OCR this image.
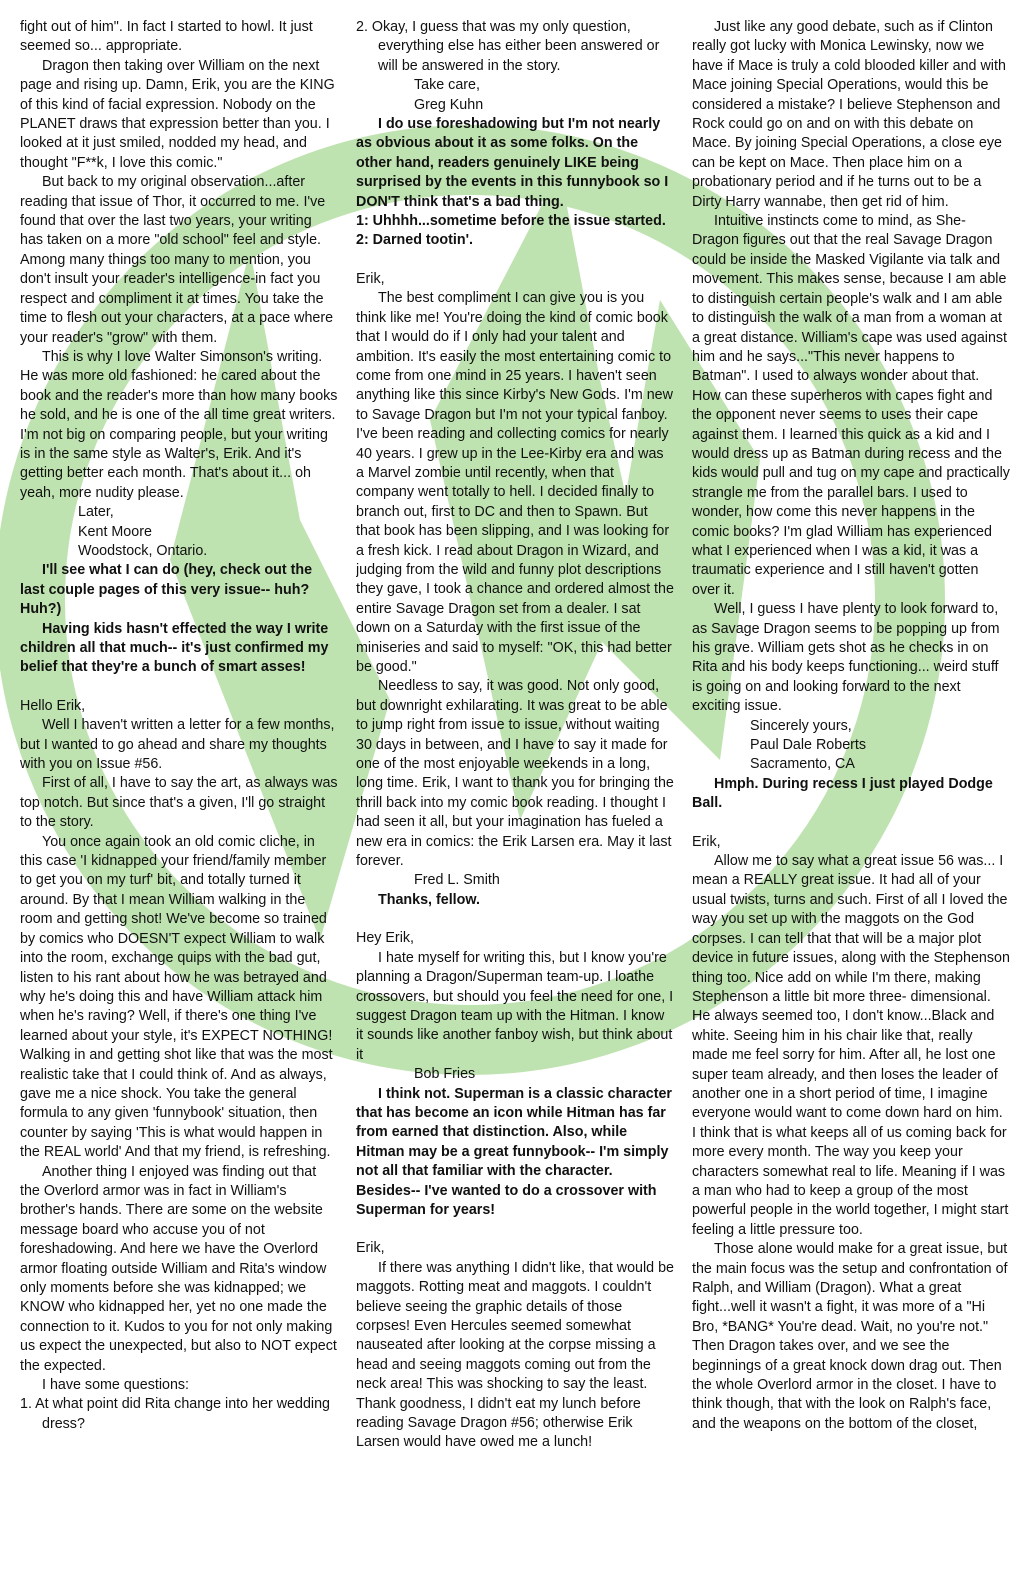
fight out of him". In fact I started to howl. It just seemed so... appropriate.

Dragon then taking over William on the next page and rising up. Damn, Erik, you are the KING of this kind of facial expression. Nobody on the PLANET draws that expression better than you. I looked at it just smiled, nodded my head, and thought "F**k, I love this comic."

But back to my original observation...after reading that issue of Thor, it occurred to me. I've found that over the last two years, your writing has taken on a more "old school" feel and style. Among many things too many to mention, you don't insult your reader's intelligence-in fact you respect and compliment it at times. You take the time to flesh out your characters, at a pace where your reader's "grow" with them.

This is why I love Walter Simonson's writing. He was more old fashioned: he cared about the book and the reader's more than how many books he sold, and he is one of the all time great writers. I'm not big on comparing people, but your writing is in the same style as Walter's, Erik. And it's getting better each month. That's about it... oh yeah, more nudity please.

Later,

Kent Moore

Woodstock, Ontario.

I'll see what I can do (hey, check out the last couple pages of this very issue-- huh? Huh?)

Having kids hasn't effected the way I write children all that much-- it's just confirmed my belief that they're a bunch of smart asses!

Hello Erik,

Well I haven't written a letter for a few months, but I wanted to go ahead and share my thoughts with you on Issue #56.

First of all, I have to say the art, as always was top notch. But since that's a given, I'll go straight to the story.

You once again took an old comic cliche, in this case 'I kidnapped your friend/family member to get you on my turf' bit, and totally turned it around. By that I mean William walking in the room and getting shot! We've become so trained by comics who DOESN'T expect William to walk into the room, exchange quips with the bad gut, listen to his rant about how he was betrayed and why he's doing this and have William attack him when he's raving? Well, if there's one thing I've learned about your style, it's EXPECT NOTHING! Walking in and getting shot like that was the most realistic take that I could think of. And as always, gave me a nice shock. You take the general formula to any given 'funnybook' situation, then counter by saying 'This is what would happen in the REAL world' And that my friend, is refreshing.

Another thing I enjoyed was finding out that the Overlord armor was in fact in William's brother's hands. There are some on the website message board who accuse you of not foreshadowing. And here we have the Overlord armor floating outside William and Rita's window only moments before she was kidnapped; we KNOW who kidnapped her, yet no one made the connection to it. Kudos to you for not only making us expect the unexpected, but also to NOT expect the expected.

I have some questions:

1. At what point did Rita change into her wedding dress?

2. Okay, I guess that was my only question, everything else has either been answered or will be answered in the story.

Take care,

Greg Kuhn

I do use foreshadowing but I'm not nearly as obvious about it as some folks. On the other hand, readers genuinely LIKE being surprised by the events in this funnybook so I DON'T think that's a bad thing.

1: Uhhhh...sometime before the issue started.

2: Darned tootin'.

Erik,

The best compliment I can give you is you think like me! You're doing the kind of comic book that I would do if I only had your talent and ambition. It's easily the most entertaining comic to come from one mind in 25 years. I haven't seen anything like this since Kirby's New Gods. I'm new to Savage Dragon but I'm not your typical fanboy. I've been reading and collecting comics for nearly 40 years. I grew up in the Lee-Kirby era and was a Marvel zombie until recently, when that company went totally to hell. I decided finally to branch out, first to DC and then to Spawn. But that book has been slipping, and I was looking for a fresh kick. I read about Dragon in Wizard, and judging from the wild and funny plot descriptions they gave, I took a chance and ordered almost the entire Savage Dragon set from a dealer. I sat down on a Saturday with the first issue of the miniseries and said to myself: "OK, this had better be good."

Needless to say, it was good. Not only good, but downright exhilarating. It was great to be able to jump right from issue to issue, without waiting 30 days in between, and I have to say it made for one of the most enjoyable weekends in a long, long time. Erik, I want to thank you for bringing the thrill back into my comic book reading. I thought I had seen it all, but your imagination has fueled a new era in comics: the Erik Larsen era. May it last forever.

Fred L. Smith

Thanks, fellow.

Hey Erik,

I hate myself for writing this, but I know you're planning a Dragon/Superman team-up. I loathe crossovers, but should you feel the need for one, I suggest Dragon team up with the Hitman. I know it sounds like another fanboy wish, but think about it

Bob Fries

I think not. Superman is a classic character that has become an icon while Hitman has far from earned that distinction. Also, while Hitman may be a great funnybook-- I'm simply not all that familiar with the character. Besides-- I've wanted to do a crossover with Superman for years!

Erik,

If there was anything I didn't like, that would be maggots. Rotting meat and maggots. I couldn't believe seeing the graphic details of those corpses! Even Hercules seemed somewhat nauseated after looking at the corpse missing a head and seeing maggots coming out from the neck area! This was shocking to say the least. Thank goodness, I didn't eat my lunch before reading Savage Dragon #56; otherwise Erik Larsen would have owed me a lunch!

Just like any good debate, such as if Clinton really got lucky with Monica Lewinsky, now we have if Mace is truly a cold blooded killer and with Mace joining Special Operations, would this be considered a mistake? I believe Stephenson and Rock could go on and on with this debate on Mace. By joining Special Operations, a close eye can be kept on Mace. Then place him on a probationary period and if he turns out to be a Dirty Harry wannabe, then get rid of him.

Intuitive instincts come to mind, as She-Dragon figures out that the real Savage Dragon could be inside the Masked Vigilante via talk and movement. This makes sense, because I am able to distinguish certain people's walk and I am able to distinguish the walk of a man from a woman at a great distance. William's cape was used against him and he says..."This never happens to Batman". I used to always wonder about that. How can these superheros with capes fight and the opponent never seems to uses their cape against them. I learned this quick as a kid and I would dress up as Batman during recess and the kids would pull and tug on my cape and practically strangle me from the parallel bars. I used to wonder, how come this never happens in the comic books? I'm glad William has experienced what I experienced when I was a kid, it was a traumatic experience and I still haven't gotten over it.

Well, I guess I have plenty to look forward to, as Savage Dragon seems to be popping up from his grave. William gets shot as he checks in on Rita and his body keeps functioning... weird stuff is going on and looking forward to the next exciting issue.

Sincerely yours,

Paul Dale Roberts

Sacramento, CA

Hmph. During recess I just played Dodge Ball.

Erik,

Allow me to say what a great issue 56 was... I mean a REALLY great issue. It had all of your usual twists, turns and such. First of all I loved the way you set up with the maggots on the God corpses. I can tell that that will be a major plot device in future issues, along with the Stephenson thing too. Nice add on while I'm there, making Stephenson a little bit more three- dimensional. He always seemed too, I don't know...Black and white. Seeing him in his chair like that, really made me feel sorry for him. After all, he lost one super team already, and then loses the leader of another one in a short period of time, I imagine everyone would want to come down hard on him. I think that is what keeps all of us coming back for more every month. The way you keep your characters somewhat real to life. Meaning if I was a man who had to keep a group of the most powerful people in the world together, I might start feeling a little pressure too.

Those alone would make for a great issue, but the main focus was the setup and confrontation of Ralph, and William (Dragon). What a great fight...well it wasn't a fight, it was more of a "Hi Bro, *BANG* You're dead. Wait, no you're not." Then Dragon takes over, and we see the beginnings of a great knock down drag out. Then the whole Overlord armor in the closet. I have to think though, that with the look on Ralph's face, and the weapons on the bottom of the closet,
